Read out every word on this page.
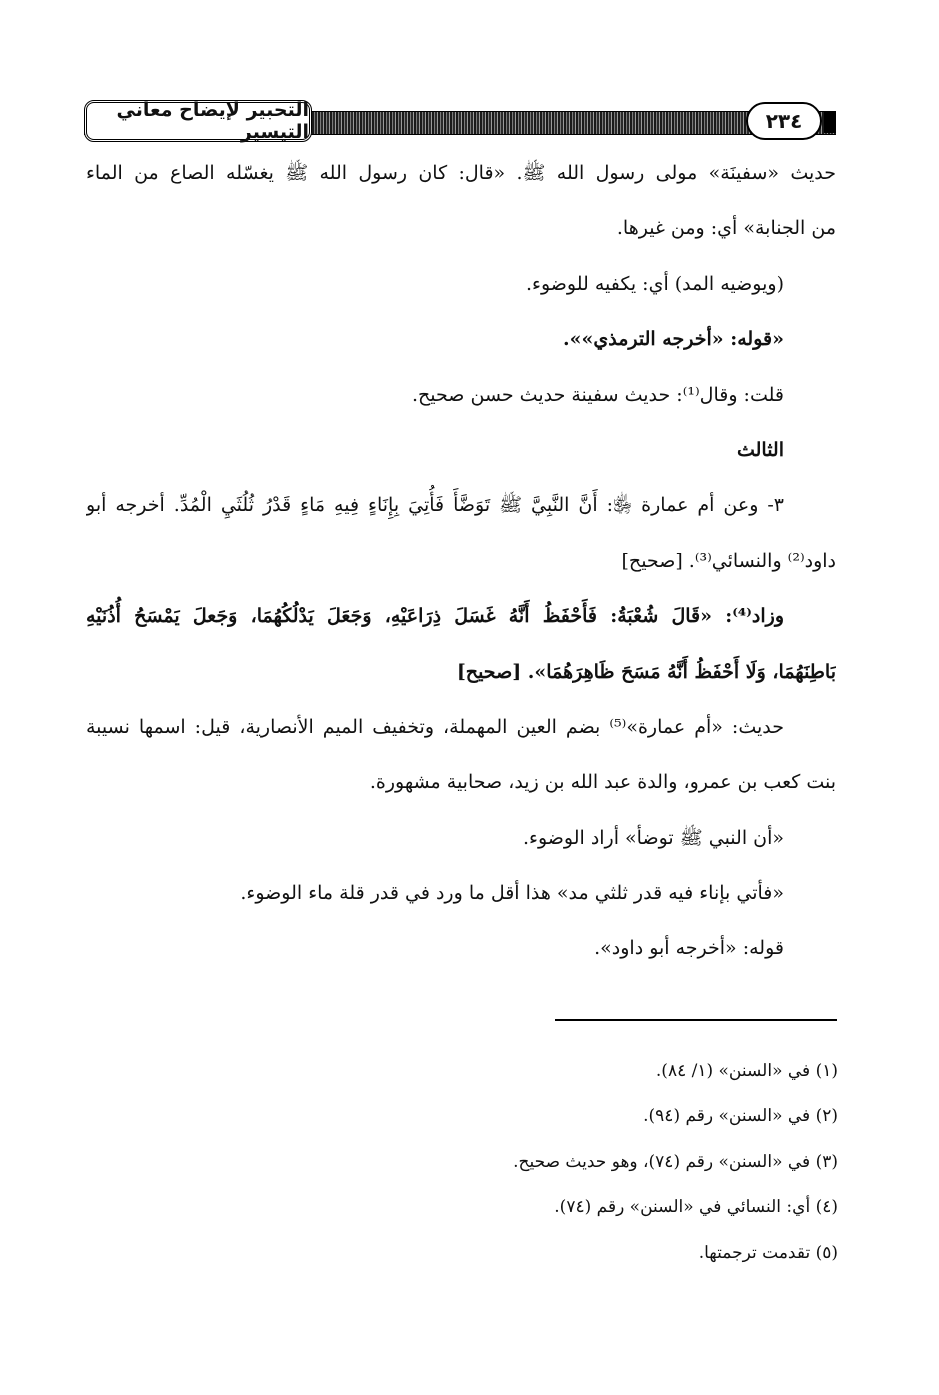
التحبير لإيضاح معاني التيسير	٢٣٤
حديث «سفينَة» مولى رسول الله ﷺ. «قال: كان رسول الله ﷺ يغسّله الصاع من الماء
من الجنابة» أي: ومن غيرها.
(ويوضيه المد) أي: يكفيه للوضوء.
«قوله: «أخرجه الترمذي»».
قلت: وقال⁽¹⁾: حديث سفينة حديث حسن صحيح.
الثالث
٣- وعن أم عمارة ﵂: أَنَّ النَّبِيَّ ﷺ تَوَضَّأَ فَأُتِيَ بِإِنَاءٍ فِيهِ مَاءٍ قَدْرُ ثُلُثَيِ الْمُدِّ. أخرجه أبو
داود⁽²⁾ والنسائي⁽³⁾. [صحيح]
وزاد⁽⁴⁾: «قَالَ شُعْبَةُ: فَأَحْفَظُ أَنَّهُ غَسَلَ ذِرَاعَيْهِ، وَجَعَلَ يَدْلُكُهُمَا، وَجَعلَ يَمْسَحُ أُذُنَيْهِ
بَاطِنَهُمَا، وَلَا أَحْفَظُ أَنَّهُ مَسَحَ ظَاهِرَهُمَا». [صحيح]
حديث: «أم عمارة»⁽⁵⁾ بضم العين المهملة، وتخفيف الميم الأنصارية، قيل: اسمها نسيبة
بنت كعب بن عمرو، والدة عبد الله بن زيد، صحابية مشهورة.
«أن النبي ﷺ توضأ» أراد الوضوء.
«فأتي بإناء فيه قدر ثلثي مد» هذا أقل ما ورد في قدر قلة ماء الوضوء.
قوله: «أخرجه أبو داود».
(١) في «السنن» (١/ ٨٤).
(٢) في «السنن» رقم (٩٤).
(٣) في «السنن» رقم (٧٤)، وهو حديث صحيح.
(٤) أي: النسائي في «السنن» رقم (٧٤).
(٥) تقدمت ترجمتها.
